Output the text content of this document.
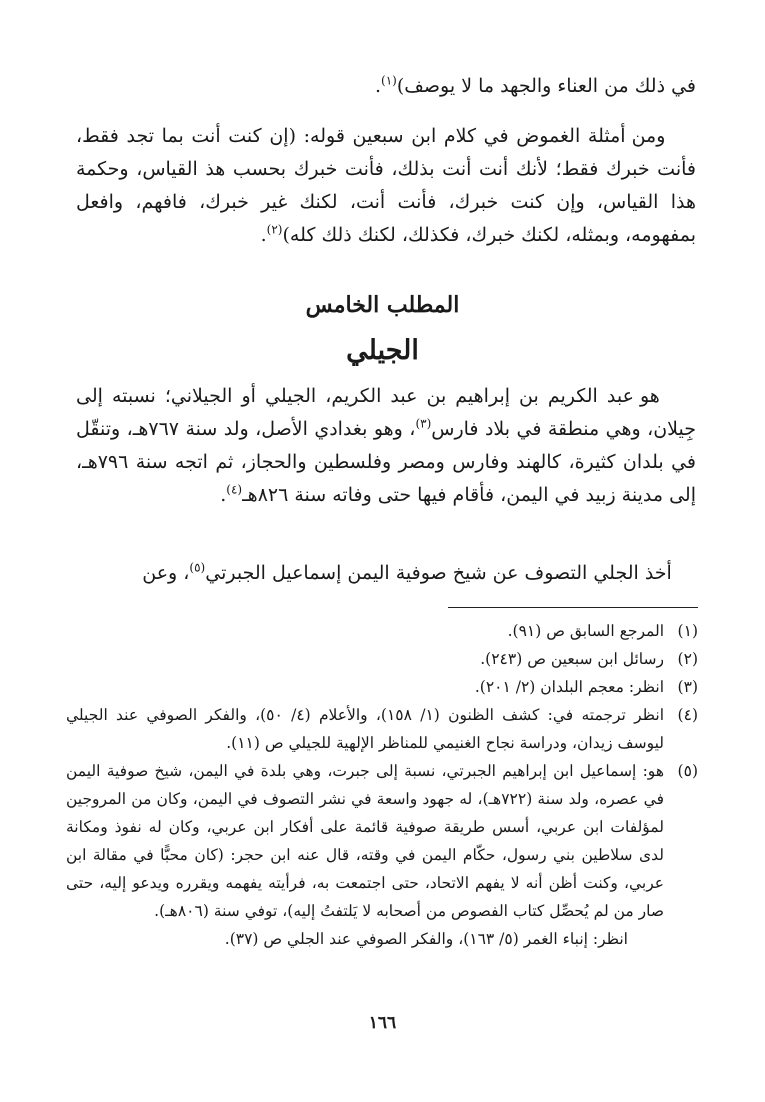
في ذلك من العناء والجهد ما لا يوصف)$^{(١)}$.

ومن أمثلة الغموض في كلام ابن سبعين قوله: (إن كنت أنت بما تجد فقط، فأنت خبرك فقط؛ لأنك أنت أنت بذلك، فأنت خبرك بحسب هذ القياس، وحكمة هذا القياس، وإن كنت خبرك، فأنت أنت، لكنك غير خبرك، فافهم، وافعل بمفهومه، وبمثله، لكنك خبرك، فكذلك، لكنك ذلك كله)$^{(٢)}$.

المطلب الخامس
الجيلي

هو عبد الكريم بن إبراهيم بن عبد الكريم، الجيلي أو الجيلاني؛ نسبته إلى جِيلان، وهي منطقة في بلاد فارس$^{(٣)}$، وهو بغدادي الأصل، ولد سنة ٧٦٧هـ، وتنقّل في بلدان كثيرة، كالهند وفارس ومصر وفلسطين والحجاز، ثم اتجه سنة ٧٩٦هـ، إلى مدينة زبيد في اليمن، فأقام فيها حتى وفاته سنة ٨٢٦هـ$^{(٤)}$.

أخذ الجلي التصوف عن شيخ صوفية اليمن إسماعيل الجبرتي$^{(٥)}$، وعن

(١)
المرجع السابق ص (٩١).
(٢)
رسائل ابن سبعين ص (٢٤٣).
(٣)
انظر: معجم البلدان (٢/ ٢٠١).
(٤)
انظر ترجمته في: كشف الظنون (١/ ١٥٨)، والأعلام (٤/ ٥٠)، والفكر الصوفي عند الجيلي ليوسف زيدان، ودراسة نجاح الغنيمي للمناظر الإلهية للجيلي ص (١١).
(٥)
هو: إسماعيل ابن إبراهيم الجبرتي، نسبة إلى جبرت، وهي بلدة في اليمن، شيخ صوفية اليمن في عصره، ولد سنة (٧٢٢هـ)، له جهود واسعة في نشر التصوف في اليمن، وكان من المروجين لمؤلفات ابن عربي، أسس طريقة صوفية قائمة على أفكار ابن عربي، وكان له نفوذ ومكانة لدى سلاطين بني رسول، حكّام اليمن في وقته، قال عنه ابن حجر: (كان محبًّا في مقالة ابن عربي، وكنت أظن أنه لا يفهم الاتحاد، حتى اجتمعت به، فرأيته يفهمه ويقرره ويدعو إليه، حتى صار من لم يُحصِّل كتاب الفصوص من أصحابه لا يَلتفتُ إليه)، توفي سنة (٨٠٦هـ).
انظر: إنباء الغمر (٥/ ١٦٣)، والفكر الصوفي عند الجلي ص (٣٧).
١٦٦
